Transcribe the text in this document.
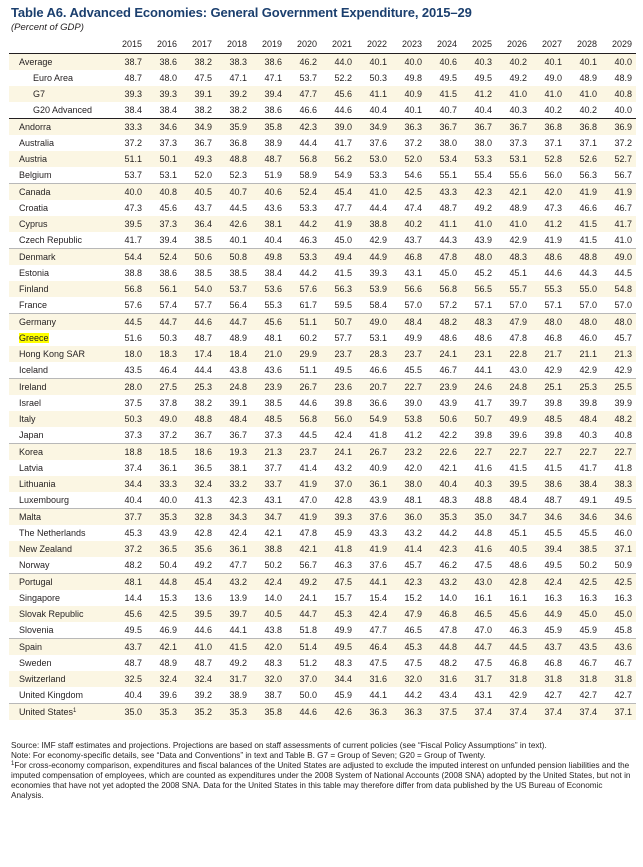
Table A6. Advanced Economies: General Government Expenditure, 2015–29
(Percent of GDP)
	2015	2016	2017	2018	2019	2020	2021	2022	2023	2024	2025	2026	2027	2028	2029
Average	38.7	38.6	38.2	38.3	38.6	46.2	44.0	40.1	40.0	40.6	40.3	40.2	40.1	40.1	40.0
Euro Area	48.7	48.0	47.5	47.1	47.1	53.7	52.2	50.3	49.8	49.5	49.5	49.2	49.0	48.9	48.9
G7	39.3	39.3	39.1	39.2	39.4	47.7	45.6	41.1	40.9	41.5	41.2	41.0	41.0	41.0	40.8
G20 Advanced	38.4	38.4	38.2	38.2	38.6	46.6	44.6	40.4	40.1	40.7	40.4	40.3	40.2	40.2	40.0
Andorra	33.3	34.6	34.9	35.9	35.8	42.3	39.0	34.9	36.3	36.7	36.7	36.7	36.8	36.8	36.9
Australia	37.2	37.3	36.7	36.8	38.9	44.4	41.7	37.6	37.2	38.0	38.0	37.3	37.1	37.1	37.2
Austria	51.1	50.1	49.3	48.8	48.7	56.8	56.2	53.0	52.0	53.4	53.3	53.1	52.8	52.6	52.7
Belgium	53.7	53.1	52.0	52.3	51.9	58.9	54.9	53.3	54.6	55.1	55.4	55.6	56.0	56.3	56.7
Canada	40.0	40.8	40.5	40.7	40.6	52.4	45.4	41.0	42.5	43.3	42.3	42.1	42.0	41.9	41.9
Croatia	47.3	45.6	43.7	44.5	43.6	53.3	47.7	44.4	47.4	48.7	49.2	48.9	47.3	46.6	46.7
Cyprus	39.5	37.3	36.4	42.6	38.1	44.2	41.9	38.8	40.2	41.1	41.0	41.0	41.2	41.5	41.7
Czech Republic	41.7	39.4	38.5	40.1	40.4	46.3	45.0	42.9	43.7	44.3	43.9	42.9	41.9	41.5	41.0
Denmark	54.4	52.4	50.6	50.8	49.8	53.3	49.4	44.9	46.8	47.8	48.0	48.3	48.6	48.8	49.0
Estonia	38.8	38.6	38.5	38.5	38.4	44.2	41.5	39.3	43.1	45.0	45.2	45.1	44.6	44.3	44.5
Finland	56.8	56.1	54.0	53.7	53.6	57.6	56.3	53.9	56.6	56.8	56.5	55.7	55.3	55.0	54.8
France	57.6	57.4	57.7	56.4	55.3	61.7	59.5	58.4	57.0	57.2	57.1	57.0	57.1	57.0	57.0
Germany	44.5	44.7	44.6	44.7	45.6	51.1	50.7	49.0	48.4	48.2	48.3	47.9	48.0	48.0	48.0
Greece	51.6	50.3	48.7	48.9	48.1	60.2	57.7	53.1	49.9	48.6	48.6	47.8	46.8	46.0	45.7
Hong Kong SAR	18.0	18.3	17.4	18.4	21.0	29.9	23.7	28.3	23.7	24.1	23.1	22.8	21.7	21.1	21.3
Iceland	43.5	46.4	44.4	43.8	43.6	51.1	49.5	46.6	45.5	46.7	44.1	43.0	42.9	42.9	42.9
Ireland	28.0	27.5	25.3	24.8	23.9	26.7	23.6	20.7	22.7	23.9	24.6	24.8	25.1	25.3	25.5
Israel	37.5	37.8	38.2	39.1	38.5	44.6	39.8	36.6	39.0	43.9	41.7	39.7	39.8	39.8	39.9
Italy	50.3	49.0	48.8	48.4	48.5	56.8	56.0	54.9	53.8	50.6	50.7	49.9	48.5	48.4	48.2
Japan	37.3	37.2	36.7	36.7	37.3	44.5	42.4	41.8	41.2	42.2	39.8	39.6	39.8	40.3	40.8
Korea	18.8	18.5	18.6	19.3	21.3	23.7	24.1	26.7	23.2	22.6	22.7	22.7	22.7	22.7	22.7
Latvia	37.4	36.1	36.5	38.1	37.7	41.4	43.2	40.9	42.0	42.1	41.6	41.5	41.5	41.7	41.8
Lithuania	34.4	33.3	32.4	33.2	33.7	41.9	37.0	36.1	38.0	40.4	40.3	39.5	38.6	38.4	38.3
Luxembourg	40.4	40.0	41.3	42.3	43.1	47.0	42.8	43.9	48.1	48.3	48.8	48.4	48.7	49.1	49.5
Malta	37.7	35.3	32.8	34.3	34.7	41.9	39.3	37.6	36.0	35.3	35.0	34.7	34.6	34.6	34.6
The Netherlands	45.3	43.9	42.8	42.4	42.1	47.8	45.9	43.3	43.2	44.2	44.8	45.1	45.5	45.5	46.0
New Zealand	37.2	36.5	35.6	36.1	38.8	42.1	41.8	41.9	41.4	42.3	41.6	40.5	39.4	38.5	37.1
Norway	48.2	50.4	49.2	47.7	50.2	56.7	46.3	37.6	45.7	46.2	47.5	48.6	49.5	50.2	50.9
Portugal	48.1	44.8	45.4	43.2	42.4	49.2	47.5	44.1	42.3	43.2	43.0	42.8	42.4	42.5	42.5
Singapore	14.4	15.3	13.6	13.9	14.0	24.1	15.7	15.4	15.2	14.0	16.1	16.1	16.3	16.3	16.3
Slovak Republic	45.6	42.5	39.5	39.7	40.5	44.7	45.3	42.4	47.9	46.8	46.5	45.6	44.9	45.0	45.0
Slovenia	49.5	46.9	44.6	44.1	43.8	51.8	49.9	47.7	46.5	47.8	47.0	46.3	45.9	45.9	45.8
Spain	43.7	42.1	41.0	41.5	42.0	51.4	49.5	46.4	45.3	44.8	44.7	44.5	43.7	43.5	43.6
Sweden	48.7	48.9	48.7	49.2	48.3	51.2	48.3	47.5	47.5	48.2	47.5	46.8	46.8	46.7	46.7
Switzerland	32.5	32.4	32.4	31.7	32.0	37.0	34.4	31.6	32.0	31.6	31.7	31.8	31.8	31.8	31.8
United Kingdom	40.4	39.6	39.2	38.9	38.7	50.0	45.9	44.1	44.2	43.4	43.1	42.9	42.7	42.7	42.7
United States$^1$	35.0	35.3	35.2	35.3	35.8	44.6	42.6	36.3	36.3	37.5	37.4	37.4	37.4	37.4	37.1

Source: IMF staff estimates and projections. Projections are based on staff assessments of current policies (see “Fiscal Policy Assumptions” in text).

Note: For economy-specific details, see “Data and Conventions” in text and Table B. G7 = Group of Seven; G20 = Group of Twenty.

$^1$For cross-economy comparison, expenditures and fiscal balances of the United States are adjusted to exclude the imputed interest on unfunded pension liabilities and the imputed compensation of employees, which are counted as expenditures under the 2008 System of National Accounts (2008 SNA) adopted by the United States, but not in economies that have not yet adopted the 2008 SNA. Data for the United States in this table may therefore differ from data published by the US Bureau of Economic Analysis.
